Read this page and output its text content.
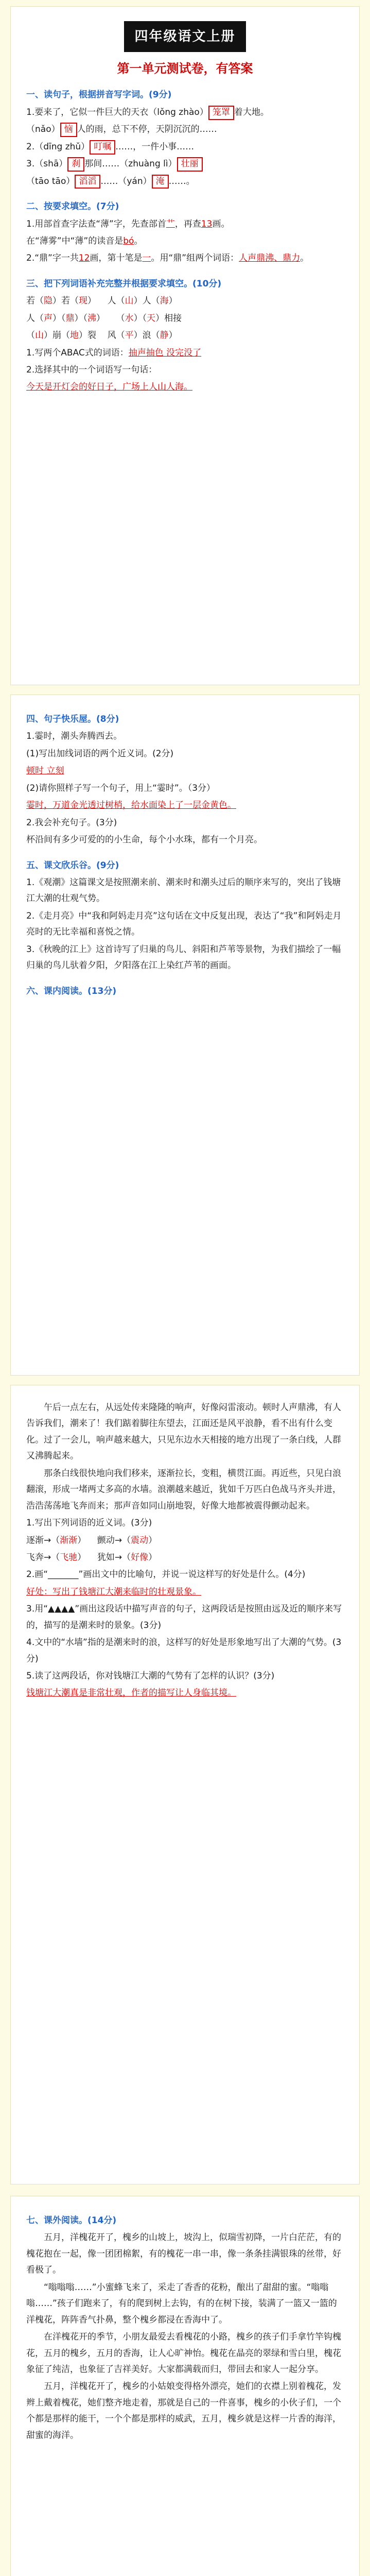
四年级语文上册
第一单元测试卷，有答案
一、读句子，根据拼音写字词。(9分)

1.要来了，它似一件巨大的天衣（lǒng zhào） 笼罩 着大地。

（nǎo） 恼 人的雨，总下不停，天阴沉沉的……

2.（dīng zhǔ） 叮嘱 ……，一件小事……

3.（shā） 刹 那间……（zhuàng lì） 壮丽

（tāo tāo） 滔滔 ……（yán） 淹 ……。

二、按要求填空。(7分)

1.用部首查字法查“薄”字，先查部首艹，再查13画。

在“薄雾”中“薄”的读音是bó。

2.“鼎”字一共12画，第十笔是一。用“鼎”组两个词语：人声鼎沸、鼎力。

三、把下列词语补充完整并根据要求填空。(10分)

若（隐）若（现） 人（山）人（海）

人（声）（鼎）（沸） （水）（天）相接

（山）崩（地）裂 风（平）浪（静）

1.写两个ABAC式的词语：抽声抽色 没完没了

2.选择其中的一个词语写一句话：

今天是开灯会的好日子，广场上人山人海。

四、句子快乐屋。(8分)

1.霎时，潮头奔腾西去。

(1)写出加线词语的两个近义词。(2分)

顿时 立刻

(2)请你照样子写一个句子，用上“霎时”。（3分）

霎时，万道金光透过树梢，给水面染上了一层金黄色。

2.我会补充句子。(3分)

杯沿间有多少可爱的的小生命，每个小水珠，都有一个月亮。

五、课文欣乐谷。(9分)

1.《观潮》这篇课文是按照潮来前、潮来时和潮头过后的顺序来写的，突出了钱塘江大潮的壮观气势。

2.《走月亮》中“我和阿妈走月亮”这句话在文中反复出现，表达了“我”和阿妈走月亮时的无比幸福和喜悦之情。

3.《秋晚的江上》这首诗写了归巢的鸟儿、斜阳和芦苇等景物，为我们描绘了一幅归巢的鸟儿驮着夕阳，夕阳落在江上染红芦苇的画面。

六、课内阅读。(13分)

午后一点左右，从远处传来隆隆的响声，好像闷雷滚动。顿时人声鼎沸，有人告诉我们，潮来了！我们踮着脚往东望去，江面还是风平浪静，看不出有什么变化。过了一会儿，响声越来越大，只见东边水天相接的地方出现了一条白线，人群又沸腾起来。

那条白线很快地向我们移来，逐渐拉长，变粗，横贯江面。再近些，只见白浪翻滚，形成一堵两丈多高的水墙。浪潮越来越近，犹如千万匹白色战马齐头并进，浩浩荡荡地飞奔而来；那声音如同山崩地裂，好像大地都被震得颤动起来。

1.写出下列词语的近义词。(3分)

逐渐→（渐渐） 颤动→（震动）

飞奔→（飞驰） 犹如→（好像）

2.画“_______”画出文中的比喻句，并说一说这样写的好处是什么。(4分)

好处：写出了钱塘江大潮来临时的壮观景象。

3.用“▲▲▲▲”画出这段话中描写声音的句子，这两段话是按照由远及近的顺序来写的，描写的是潮来时的景象。(3分)

4.文中的“水墙”指的是潮来时的浪，这样写的好处是形象地写出了大潮的气势。(3分)

5.读了这两段话，你对钱塘江大潮的气势有了怎样的认识？(3分)

钱塘江大潮真是非常壮观，作者的描写让人身临其境。

七、课外阅读。(14分)

五月，洋槐花开了，槐乡的山坡上，坡沟上，似瑞雪初降，一片白茫茫，有的槐花抱在一起，像一团团棉絮，有的槐花一串一串，像一条条挂满银珠的丝带，好看极了。

“嗡嗡嗡……”小蜜蜂飞来了，采走了香香的花粉，酿出了甜甜的蜜。“嗡嗡嗡……”孩子们跑来了，有的爬到树上去钩，有的在树下接，装满了一篮又一篮的洋槐花，阵阵香气扑鼻，整个槐乡都浸在香海中了。

在洋槐花开的季节，小朋友最爱去看槐花的小路，槐乡的孩子们手拿竹竿钩槐花，五月的槐乡，五月的香海，让人心旷神怡。槐花在晶亮的翠绿和雪白里，槐花象征了纯洁，也象征了吉祥美好。大家都满载而归，带回去和家人一起分享。

五月，洋槐花开了，槐乡的小姑娘变得格外漂亮，她们的衣襟上别着槐花，发辫上戴着槐花，她们整齐地走着，那就是自己的一件喜事，槐乡的小伙子们，一个个都是那样的能干，一个个都是那样的威武，五月，槐乡就是这样一片香的海洋，甜蜜的海洋。
